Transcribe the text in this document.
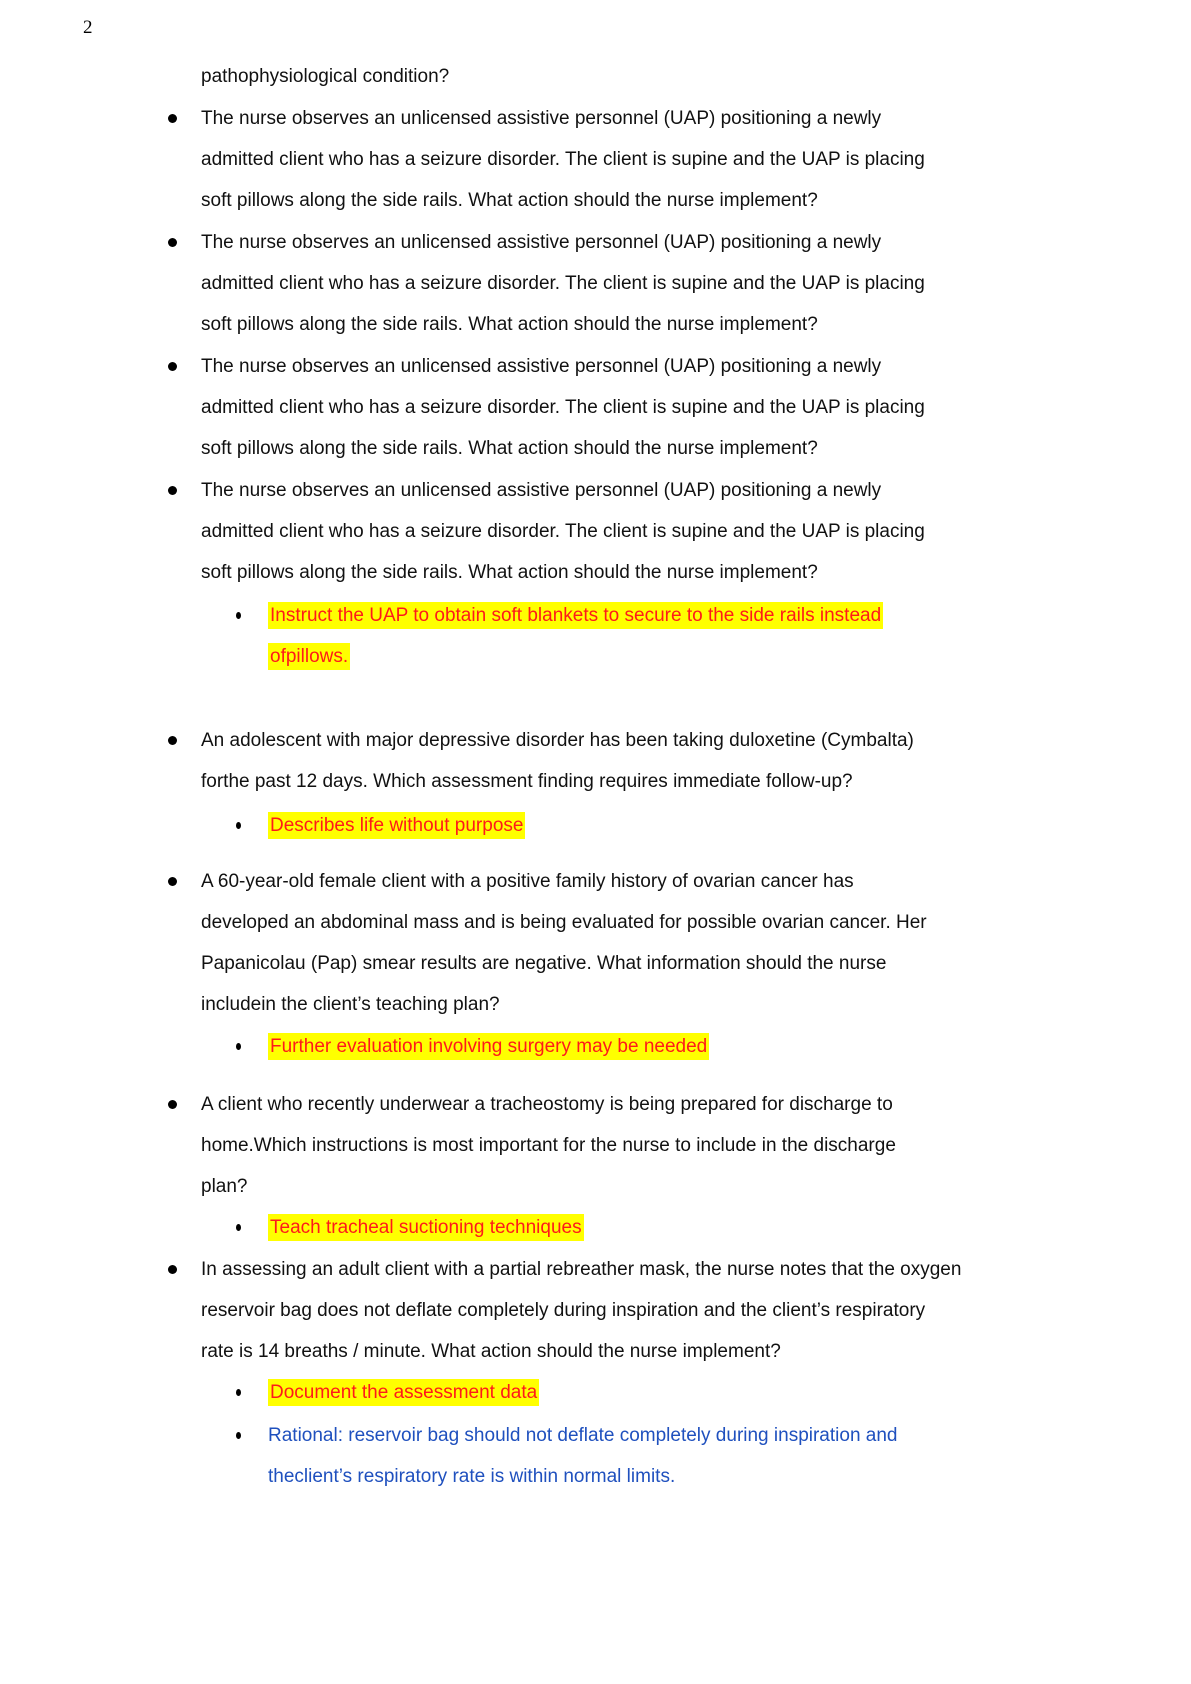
2
pathophysiological condition?
The nurse observes an unlicensed assistive personnel (UAP) positioning a newly
admitted client who has a seizure disorder. The client is supine and the UAP is placing
soft pillows along the side rails. What action should the nurse implement?
The nurse observes an unlicensed assistive personnel (UAP) positioning a newly
admitted client who has a seizure disorder. The client is supine and the UAP is placing
soft pillows along the side rails. What action should the nurse implement?
The nurse observes an unlicensed assistive personnel (UAP) positioning a newly
admitted client who has a seizure disorder. The client is supine and the UAP is placing
soft pillows along the side rails. What action should the nurse implement?
The nurse observes an unlicensed assistive personnel (UAP) positioning a newly
admitted client who has a seizure disorder. The client is supine and the UAP is placing
soft pillows along the side rails. What action should the nurse implement?
Instruct the UAP to obtain soft blankets to secure to the side rails instead
ofpillows.
An adolescent with major depressive disorder has been taking duloxetine (Cymbalta)
forthe past 12 days. Which assessment finding requires immediate follow-up?
Describes life without purpose
A 60-year-old female client with a positive family history of ovarian cancer has
developed an abdominal mass and is being evaluated for possible ovarian cancer. Her
Papanicolau (Pap) smear results are negative. What information should the nurse
includein the client’s teaching plan?
Further evaluation involving surgery may be needed
A client who recently underwear a tracheostomy is being prepared for discharge to
home.Which instructions is most important for the nurse to include in the discharge
plan?
Teach tracheal suctioning techniques
In assessing an adult client with a partial rebreather mask, the nurse notes that the oxygen
reservoir bag does not deflate completely during inspiration and the client’s respiratory
rate is 14 breaths / minute. What action should the nurse implement?
Document the assessment data
Rational: reservoir bag should not deflate completely during inspiration and
theclient’s respiratory rate is within normal limits.
